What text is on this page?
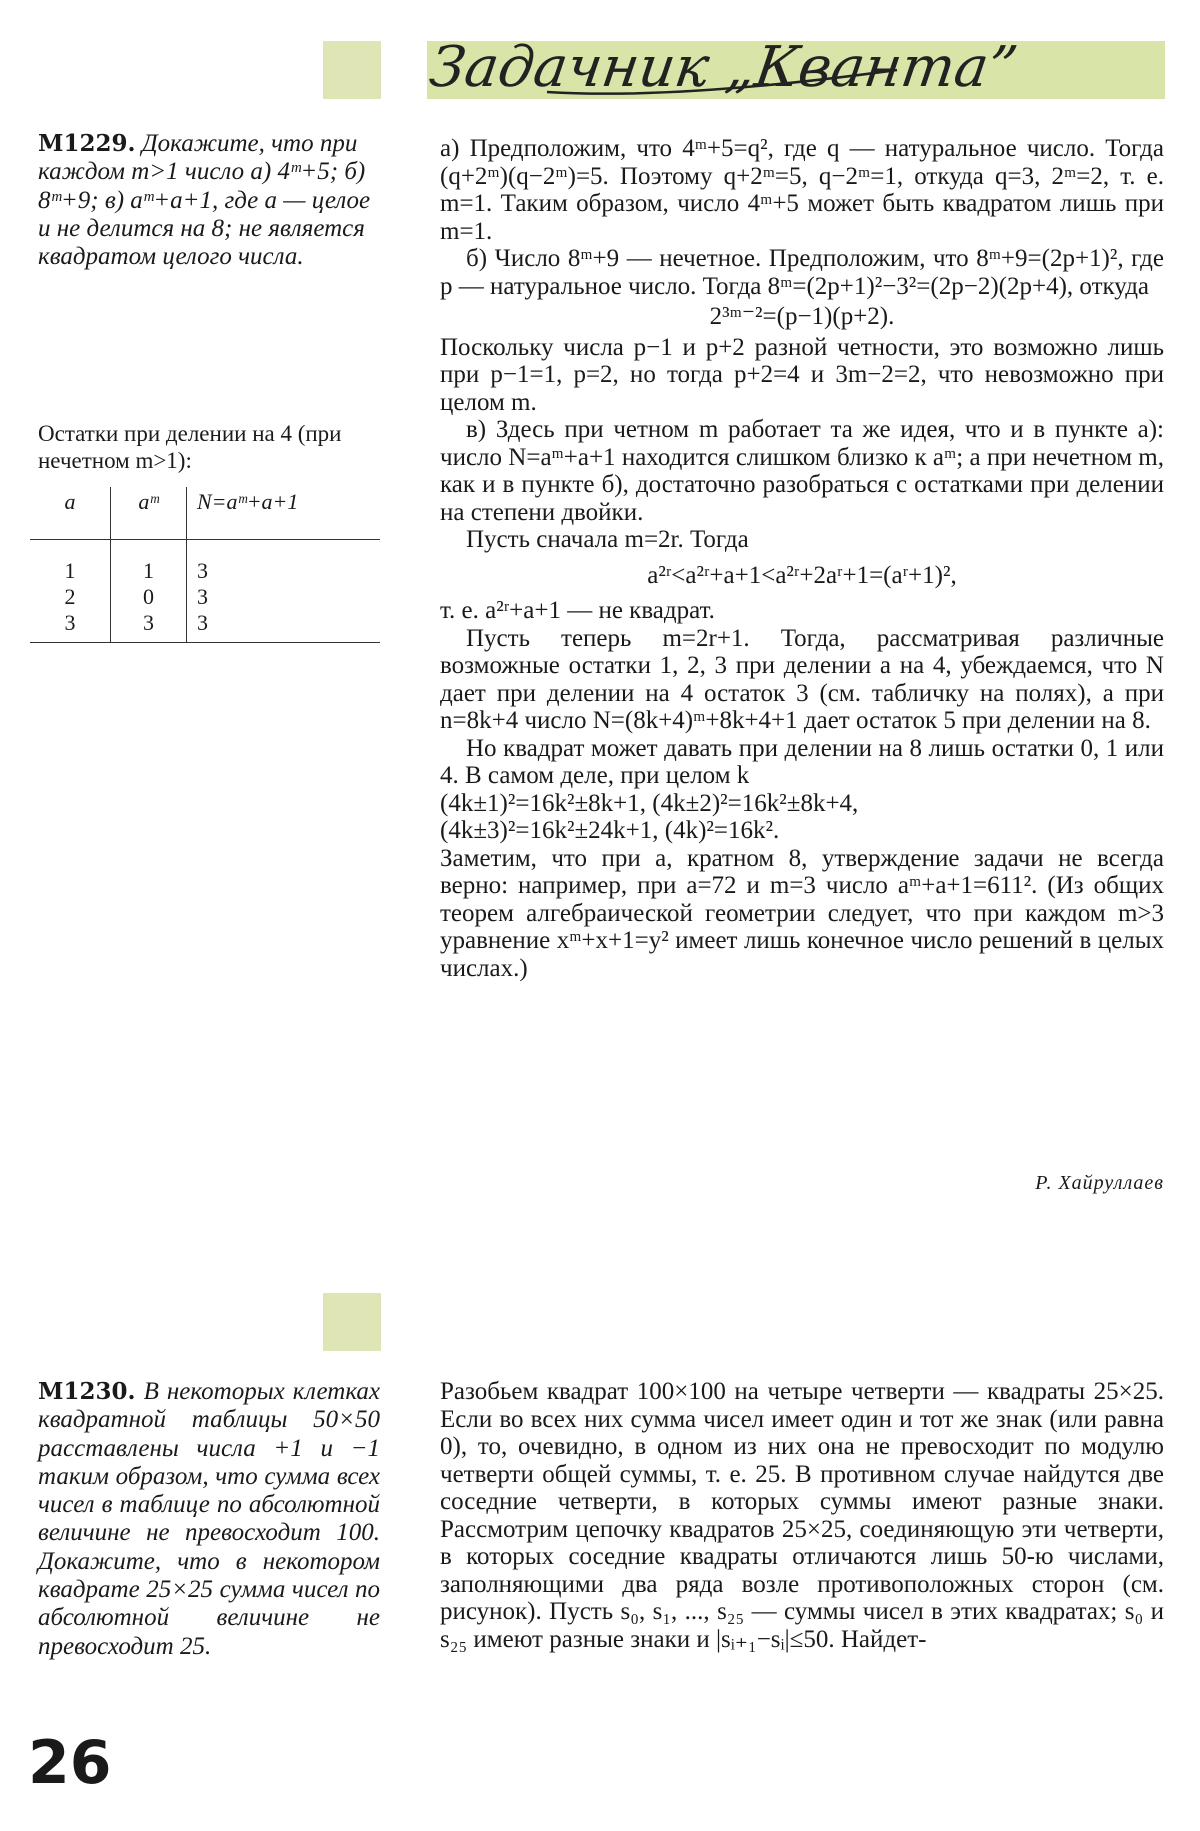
Задачник „Кванта”
M1229. Докажите, что при каждом m>1 число а) 4ᵐ+5; б) 8ᵐ+9; в) aᵐ+a+1, где a — целое и не делится на 8; не является квадратом целого числа.
Остатки при делении на 4 (при нечетном m>1):
a	aᵐ	N=aᵐ+a+1

1	1	3
2	0	3
3	3	3

а) Предположим, что 4ᵐ+5=q², где q — натуральное число. Тогда (q+2ᵐ)(q−2ᵐ)=5. Поэтому q+2ᵐ=5, q−2ᵐ=1, откуда q=3, 2ᵐ=2, т. е. m=1. Таким образом, число 4ᵐ+5 может быть квадратом лишь при m=1.

б) Число 8ᵐ+9 — нечетное. Предположим, что 8ᵐ+9=(2p+1)², где p — натуральное число. Тогда 8ᵐ=(2p+1)²−3²=(2p−2)(2p+4), откуда

2³ᵐ⁻²=(p−1)(p+2).

Поскольку числа p−1 и p+2 разной четности, это возможно лишь при p−1=1, p=2, но тогда p+2=4 и 3m−2=2, что невозможно при целом m.

в) Здесь при четном m работает та же идея, что и в пункте а): число N=aᵐ+a+1 находится слишком близко к aᵐ; а при нечетном m, как и в пункте б), достаточно разобраться с остатками при делении на степени двойки.

Пусть сначала m=2r. Тогда

a²ʳ<a²ʳ+a+1<a²ʳ+2aʳ+1=(aʳ+1)²,

т. е. a²ʳ+a+1 — не квадрат.

Пусть теперь m=2r+1. Тогда, рассматривая различные возможные остатки 1, 2, 3 при делении a на 4, убеждаемся, что N дает при делении на 4 остаток 3 (см. табличку на полях), а при n=8k+4 число N=(8k+4)ᵐ+8k+4+1 дает остаток 5 при делении на 8.

Но квадрат может давать при делении на 8 лишь остатки 0, 1 или 4. В самом деле, при целом k

(4k±1)²=16k²±8k+1, (4k±2)²=16k²±8k+4,

(4k±3)²=16k²±24k+1, (4k)²=16k².

Заметим, что при a, кратном 8, утверждение задачи не всегда верно: например, при a=72 и m=3 число aᵐ+a+1=611². (Из общих теорем алгебраической геометрии следует, что при каждом m>3 уравнение xᵐ+x+1=y² имеет лишь конечное число решений в целых числах.)

Р. Хайруллаев
M1230. В некоторых клетках квадратной таблицы 50×50 расставлены числа +1 и −1 таким образом, что сумма всех чисел в таблице по абсолютной величине не превосходит 100. Докажите, что в некотором квадрате 25×25 сумма чисел по абсолютной величине не превосходит 25.

Разобьем квадрат 100×100 на четыре четверти — квадраты 25×25. Если во всех них сумма чисел имеет один и тот же знак (или равна 0), то, очевидно, в одном из них она не превосходит по модулю четверти общей суммы, т. е. 25. В противном случае найдутся две соседние четверти, в которых суммы имеют разные знаки. Рассмотрим цепочку квадратов 25×25, соединяющую эти четверти, в которых соседние квадраты отличаются лишь 50-ю числами, заполняющими два ряда возле противоположных сторон (см. рисунок). Пусть s₀, s₁, ..., s₂₅ — суммы чисел в этих квадратах; s₀ и s₂₅ имеют разные знаки и |sᵢ₊₁−sᵢ|≤50. Найдет-

26
